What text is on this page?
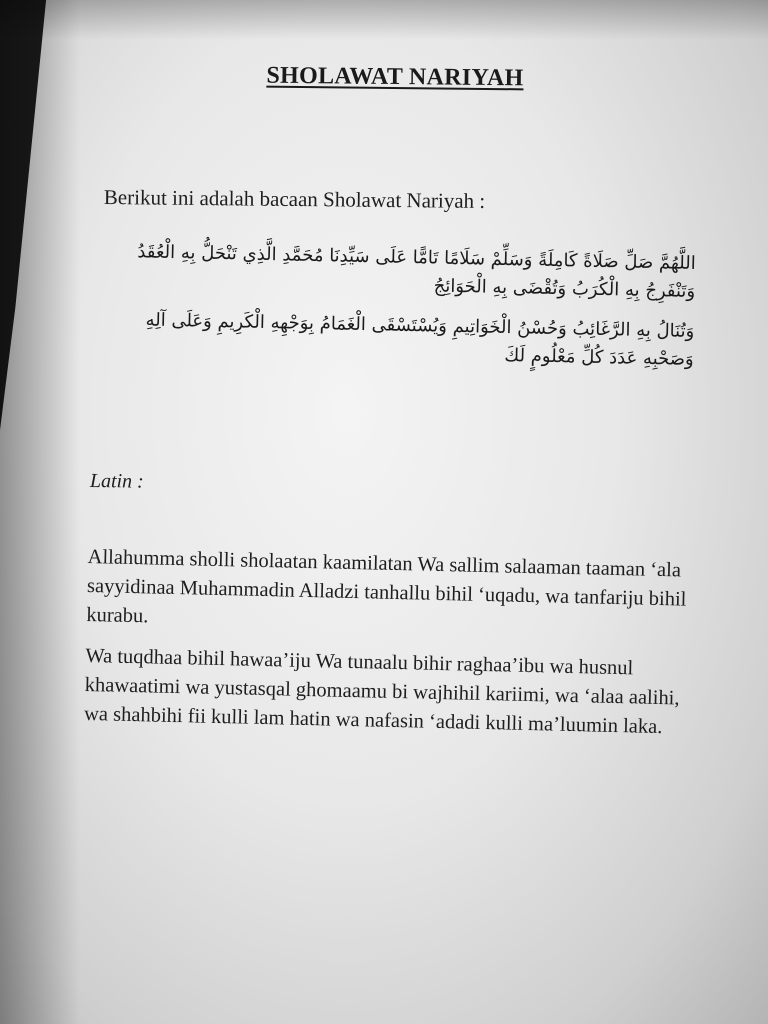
SHOLAWAT NARIYAH
Berikut ini adalah bacaan Sholawat Nariyah :

اللَّهُمَّ صَلِّ صَلَاةً كَامِلَةً وَسَلِّمْ سَلَامًا تَامًّا عَلَى سَيِّدِنَا مُحَمَّدِ الَّذِي تَنْحَلُّ بِهِ الْعُقَدُ وَتَنْفَرِجُ بِهِ الْكُرَبُ وَتُقْضَى بِهِ الْحَوَائِجُ

وَتُنَالُ بِهِ الرَّغَائِبُ وَحُسْنُ الْخَوَاتِيمِ وَيُسْتَسْقَى الْغَمَامُ بِوَجْهِهِ الْكَرِيمِ وَعَلَى آلِهِ وَصَحْبِهِ عَدَدَ كُلِّ مَعْلُومٍ لَكَ

Latin :

Allahumma sholli sholaatan kaamilatan Wa sallim salaaman taaman ‘ala sayyidinaa Muhammadin Alladzi tanhallu bihil ‘uqadu, wa tanfariju bihil kurabu.

Wa tuqdhaa bihil hawaa’iju Wa tunaalu bihir raghaa’ibu wa husnul khawaatimi wa yustasqal ghomaamu bi wajhihil kariimi, wa ‘alaa aalihi, wa shahbihi fii kulli lam hatin wa nafasin ‘adadi kulli ma’luumin laka.
